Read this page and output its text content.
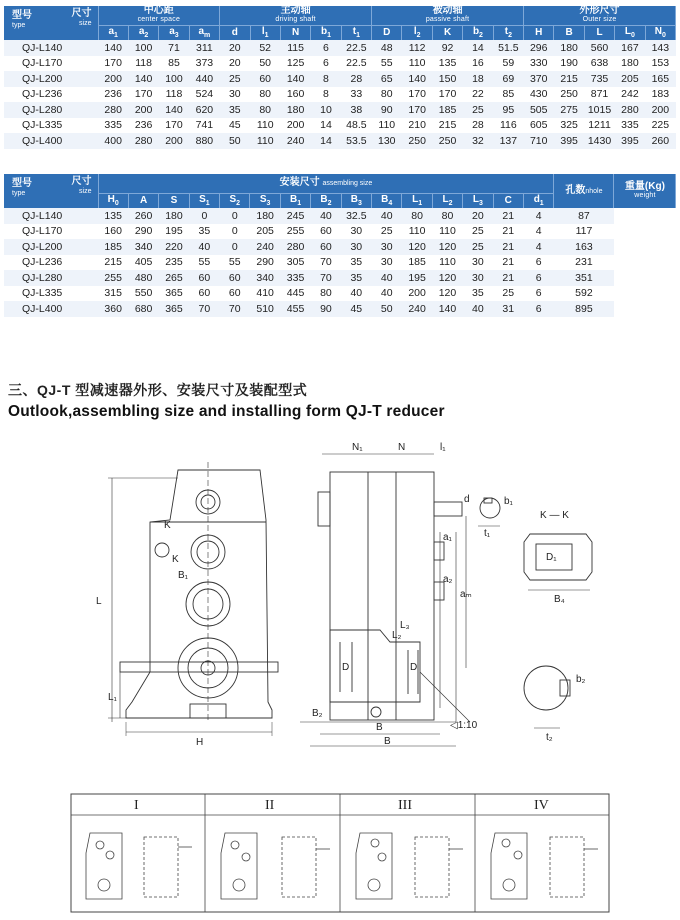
尺寸
size
型号
type	中心距
center space				主动轴
driving shaft					被动轴
passive shaft					外形尺寸
Outer size				

	$a_1$	$a_2$	$a_3$	$a_m$	d	$l_1$	N	$b_1$	$t_1$	D	$l_2$	K	$b_2$	$t_2$	H	B	L	$L_0$	$N_0$
QJ-L140	140	100	71	311	20	52	115	6	22.5	48	112	92	14	51.5	296	180	560	167	143
QJ-L170	170	118	85	373	20	50	125	6	22.5	55	110	135	16	59	330	190	638	180	153
QJ-L200	200	140	100	440	25	60	140	8	28	65	140	150	18	69	370	215	735	205	165
QJ-L236	236	170	118	524	30	80	160	8	33	80	170	170	22	85	430	250	871	242	183
QJ-L280	280	200	140	620	35	80	180	10	38	90	170	185	25	95	505	275	1015	280	200
QJ-L335	335	236	170	741	45	110	200	14	48.5	110	210	215	28	116	605	325	1211	335	225
QJ-L400	400	280	200	880	50	110	240	14	53.5	130	250	250	32	137	710	395	1430	395	260
尺寸
size
型号
type	安装尺寸 assembling size															孔数nhole	重量(Kg)
weight

	$H_0$	A	S	$S_1$	$S_2$	$S_3$	$B_1$	$B_2$	$B_3$	$B_4$	$L_1$	$L_2$	$L_3$	C	$d_1$
QJ-L140	135	260	180	0	0	180	245	40	32.5	40	80	80	20	21	4	87	
QJ-L170	160	290	195	35	0	205	255	60	30	25	110	110	25	21	4	117	
QJ-L200	185	340	220	40	0	240	280	60	30	30	120	120	25	21	4	163	
QJ-L236	215	405	235	55	55	290	305	70	35	30	185	110	30	21	6	231	
QJ-L280	255	480	265	60	60	340	335	70	35	40	195	120	30	21	6	351	
QJ-L335	315	550	365	60	60	410	445	80	40	40	200	120	35	25	6	592	
QJ-L400	360	680	365	70	70	510	455	90	45	50	240	140	40	31	6	895	
三、QJ-T 型减速器外形、安装尺寸及装配型式
Outlook,assembling size and installing form QJ-T reducer
L
L₁
H
K
K
B₁
N₁	N	l₁
d
a₁
a₂
aₘ
L₂
L₃
D	D
B₂
B
B
◁1:10
b₁
t₁
K — K
D₁
B₄
b₂
t₂
I	II	III	IV
